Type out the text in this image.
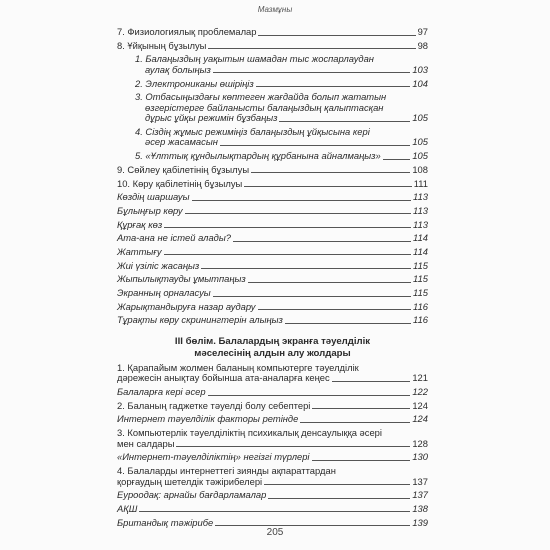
Мазмұны
7. Физиологиялық проблемалар	97
8. Ұйқының бұзылуы	98
1. Балаңыздың уақытын шамадан тыс жоспарлаудан
аулақ болыңыз	103
2. Электрониканы өшіріңіз	104
3. Отбасыңыздағы көптеген жағдайда болып жататын
өзгерістерге байланысты балаңыздың қалыптасқан
дұрыс ұйқы режимін бұзбаңыз	105
4. Сіздің жұмыс режиміңіз балаңыздың ұйқысына кері
әсер жасамасын	105
5. «Ұлттық құндылықтардың құрбанына айналмаңыз»	105
9. Сөйлеу қабілетінің бұзылуы	108
10. Көру қабілетінің бұзылуы	111
Көздің шаршауы	113
Бұлыңғыр көру	113
Құрғақ көз	113
Ата-ана не істей алады?	114
Жаттығу	114
Жиі үзіліс жасаңыз	115
Жыпылықтауды ұмытпаңыз	115
Экранның орналасуы	115
Жарықтандыруға назар аудару	116
Тұрақты көру скринингтерін алыңыз	116
III бөлім. Балалардың экранға тәуелділік
мәселесінің алдын алу жолдары
1. Қарапайым жолмен баланың компьютерге тәуелділік
дәрежесін анықтау бойынша ата-аналарға кеңес	121
Балаларға кері әсер	122
2. Баланың гаджетке тәуелді болу себептері	124
Интернет тәуелділік факторы ретінде	124
3. Компьютерлік тәуелділіктің психикалық денсаулыққа әсері
мен салдары	128
«Интернет-тәуелділіктің» негізгі түрлері	130
4. Балаларды интернеттегі зиянды ақпараттардан
қорғаудың шетелдік тәжірибелері	137
Еуроодақ: арнайы бағдарламалар	137
АҚШ	138
Британдық тәжірибе	139
205
